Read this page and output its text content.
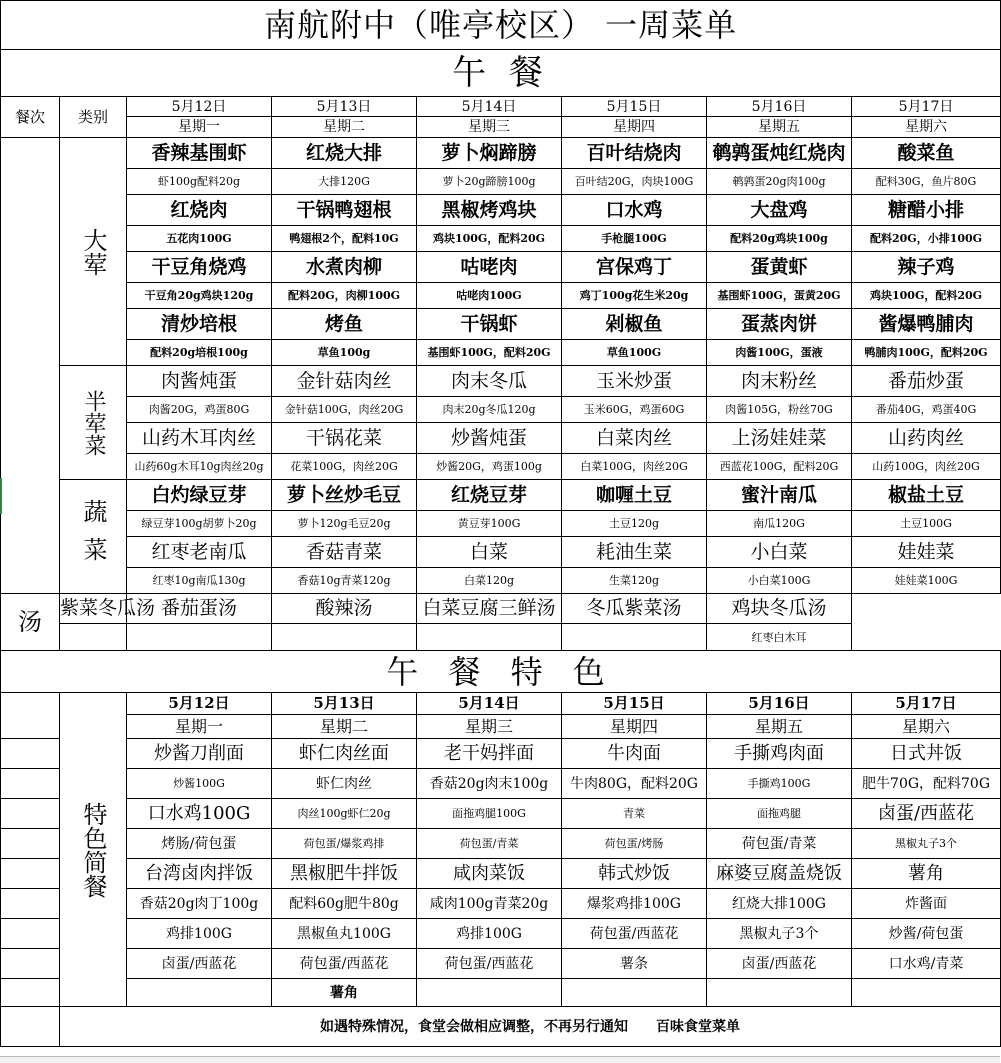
南航附中（唯亭校区） 一周菜单							
午 餐							
餐次	类别	5月12日	5月13日	5月14日	5月15日	5月16日	5月17日
		星期一	星期二	星期三	星期四	星期五	星期六
	大荤	香辣基围虾	红烧大排	萝卜焖蹄膀	百叶结烧肉	鹌鹑蛋炖红烧肉	酸菜鱼
		虾100g配料20g	大排120G	萝卜20g蹄膀100g	百叶结20G，肉块100G	鹌鹑蛋20g肉100g	配料30G，鱼片80G
		红烧肉	干锅鸭翅根	黑椒烤鸡块	口水鸡	大盘鸡	糖醋小排
		五花肉100G	鸭翅根2个，配料10G	鸡块100G，配料20G	手枪腿100G	配料20g鸡块100g	配料20G，小排100G
		干豆角烧鸡	水煮肉柳	咕咾肉	宫保鸡丁	蛋黄虾	辣子鸡
		干豆角20g鸡块120g	配料20G，肉柳100G	咕咾肉100G	鸡丁100g花生米20g	基围虾100G，蛋黄20G	鸡块100G，配料20G
		清炒培根	烤鱼	干锅虾	剁椒鱼	蛋蒸肉饼	酱爆鸭脯肉
		配料20g培根100g	草鱼100g	基围虾100G，配料20G	草鱼100G	肉酱100G，蛋液	鸭脯肉100G，配料20G
	半荤菜	肉酱炖蛋	金针菇肉丝	肉末冬瓜	玉米炒蛋	肉末粉丝	番茄炒蛋
		肉酱20G，鸡蛋80G	金针菇100G，肉丝20G	肉末20g冬瓜120g	玉米60G，鸡蛋60G	肉酱105G，粉丝70G	番茄40G，鸡蛋40G
		山药木耳肉丝	干锅花菜	炒酱炖蛋	白菜肉丝	上汤娃娃菜	山药肉丝
		山药60g木耳10g肉丝20g	花菜100G，肉丝20G	炒酱20G，鸡蛋100g	白菜100G，肉丝20G	西蓝花100G，配料20G	山药100G，肉丝20G
	蔬菜	白灼绿豆芽	萝卜丝炒毛豆	红烧豆芽	咖喱土豆	蜜汁南瓜	椒盐土豆
		绿豆芽100g胡萝卜20g	萝卜120g毛豆20g	黄豆芽100G	土豆120g	南瓜120G	土豆100G
		红枣老南瓜	香菇青菜	白菜	耗油生菜	小白菜	娃娃菜
		红枣10g南瓜130g	香菇10g青菜120g	白菜120g	生菜120g	小白菜100G	娃娃菜100G
汤	紫菜冬瓜汤	番茄蛋汤	酸辣汤	白菜豆腐三鲜汤	冬瓜紫菜汤	鸡块冬瓜汤	
						红枣白木耳	
午 餐 特 色							
	特色简餐	5月12日	5月13日	5月14日	5月15日	5月16日	5月17日
		星期一	星期二	星期三	星期四	星期五	星期六
		炒酱刀削面	虾仁肉丝面	老干妈拌面	牛肉面	手撕鸡肉面	日式丼饭
		炒酱100G	虾仁肉丝	香菇20g肉末100g	牛肉80G，配料20G	手撕鸡100G	肥牛70G，配料70G
		口水鸡100G	肉丝100g虾仁20g	面拖鸡腿100G	青菜	面拖鸡腿	卤蛋/西蓝花
		烤肠/荷包蛋	荷包蛋/爆浆鸡排	荷包蛋/青菜	荷包蛋/烤肠	荷包蛋/青菜	黑椒丸子3个
		台湾卤肉拌饭	黑椒肥牛拌饭	咸肉菜饭	韩式炒饭	麻婆豆腐盖烧饭	薯角
		香菇20g肉丁100g	配料60g肥牛80g	咸肉100g青菜20g	爆浆鸡排100G	红烧大排100G	炸酱面
		鸡排100G	黑椒鱼丸100G	鸡排100G	荷包蛋/西蓝花	黑椒丸子3个	炒酱/荷包蛋
		卤蛋/西蓝花	荷包蛋/西蓝花	荷包蛋/西蓝花	薯条	卤蛋/西蓝花	口水鸡/青菜
			薯角				
	如遇特殊情况，食堂会做相应调整，不再另行通知　　百味食堂菜单						
